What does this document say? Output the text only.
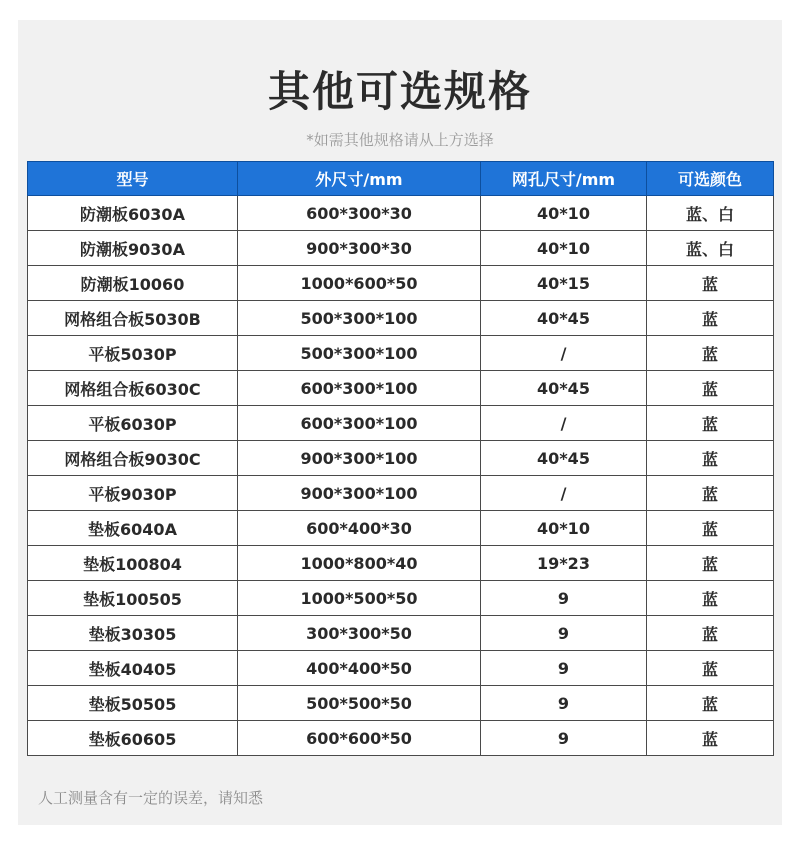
其他可选规格
*如需其他规格请从上方选择
型号	外尺寸/mm	网孔尺寸/mm	可选颜色
防潮板6030A	600*300*30	40*10	蓝、白
防潮板9030A	900*300*30	40*10	蓝、白
防潮板10060	1000*600*50	40*15	蓝
网格组合板5030B	500*300*100	40*45	蓝
平板5030P	500*300*100	/	蓝
网格组合板6030C	600*300*100	40*45	蓝
平板6030P	600*300*100	/	蓝
网格组合板9030C	900*300*100	40*45	蓝
平板9030P	900*300*100	/	蓝
垫板6040A	600*400*30	40*10	蓝
垫板100804	1000*800*40	19*23	蓝
垫板100505	1000*500*50	9	蓝
垫板30305	300*300*50	9	蓝
垫板40405	400*400*50	9	蓝
垫板50505	500*500*50	9	蓝
垫板60605	600*600*50	9	蓝
人工测量含有一定的误差，请知悉
